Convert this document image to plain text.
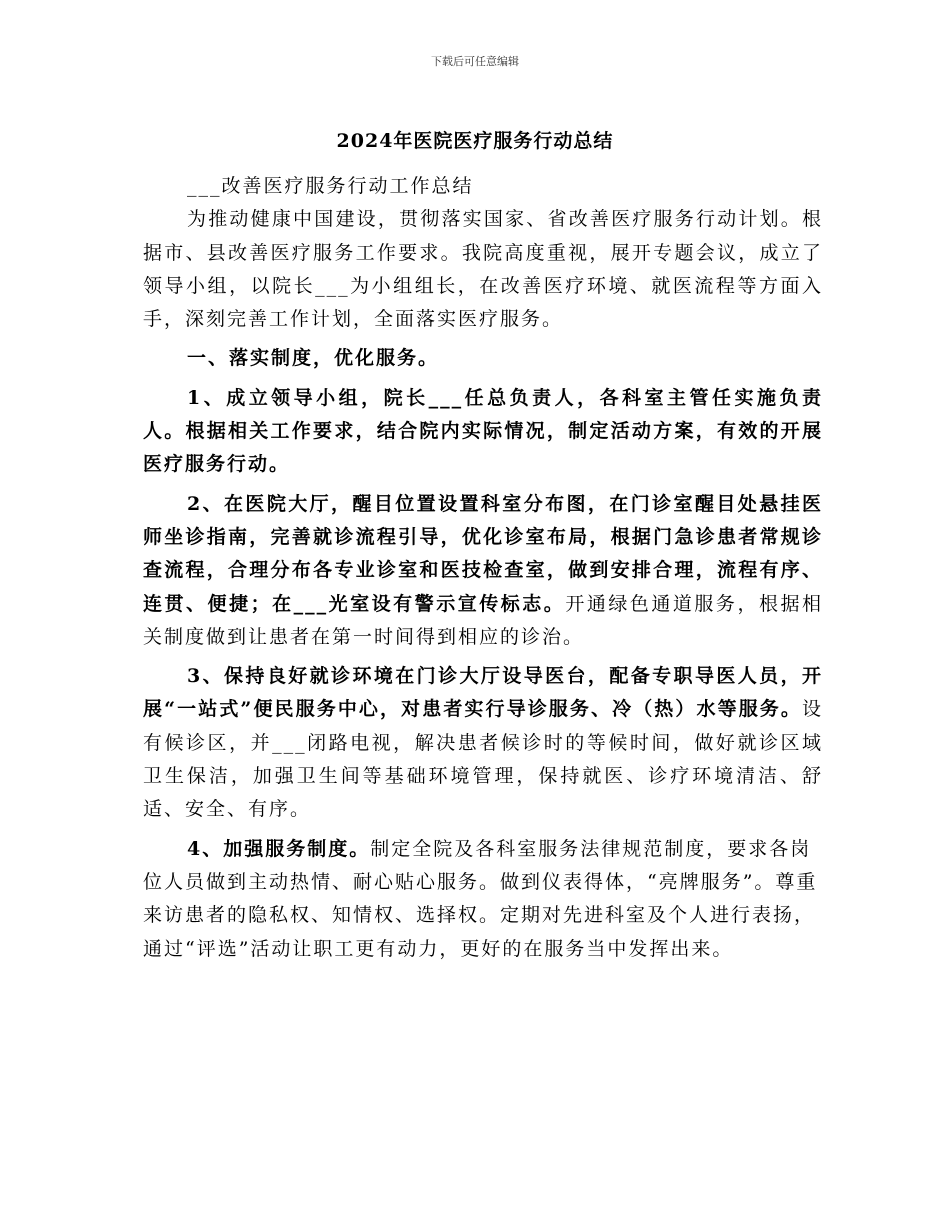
下载后可任意编辑
2024年医院医疗服务行动总结

___改善医疗服务行动工作总结

为推动健康中国建设，贯彻落实国家、省改善医疗服务行动计划。根据市、县改善医疗服务工作要求。我院高度重视，展开专题会议，成立了领导小组，以院长___为小组组长，在改善医疗环境、就医流程等方面入手，深刻完善工作计划，全面落实医疗服务。

一、落实制度，优化服务。

1、成立领导小组，院长___任总负责人，各科室主管任实施负责人。根据相关工作要求，结合院内实际情况，制定活动方案，有效的开展医疗服务行动。

2、在医院大厅，醒目位置设置科室分布图，在门诊室醒目处悬挂医师坐诊指南，完善就诊流程引导，优化诊室布局，根据门急诊患者常规诊查流程，合理分布各专业诊室和医技检查室，做到安排合理，流程有序、连贯、便捷；在___光室设有警示宣传标志。开通绿色通道服务，根据相关制度做到让患者在第一时间得到相应的诊治。

3、保持良好就诊环境在门诊大厅设导医台，配备专职导医人员，开展“一站式”便民服务中心，对患者实行导诊服务、冷（热）水等服务。设有候诊区，并___闭路电视，解决患者候诊时的等候时间，做好就诊区域卫生保洁，加强卫生间等基础环境管理，保持就医、诊疗环境清洁、舒适、安全、有序。

4、加强服务制度。制定全院及各科室服务法律规范制度，要求各岗位人员做到主动热情、耐心贴心服务。做到仪表得体，“亮牌服务”。尊重来访患者的隐私权、知情权、选择权。定期对先进科室及个人进行表扬，通过“评选”活动让职工更有动力，更好的在服务当中发挥出来。
